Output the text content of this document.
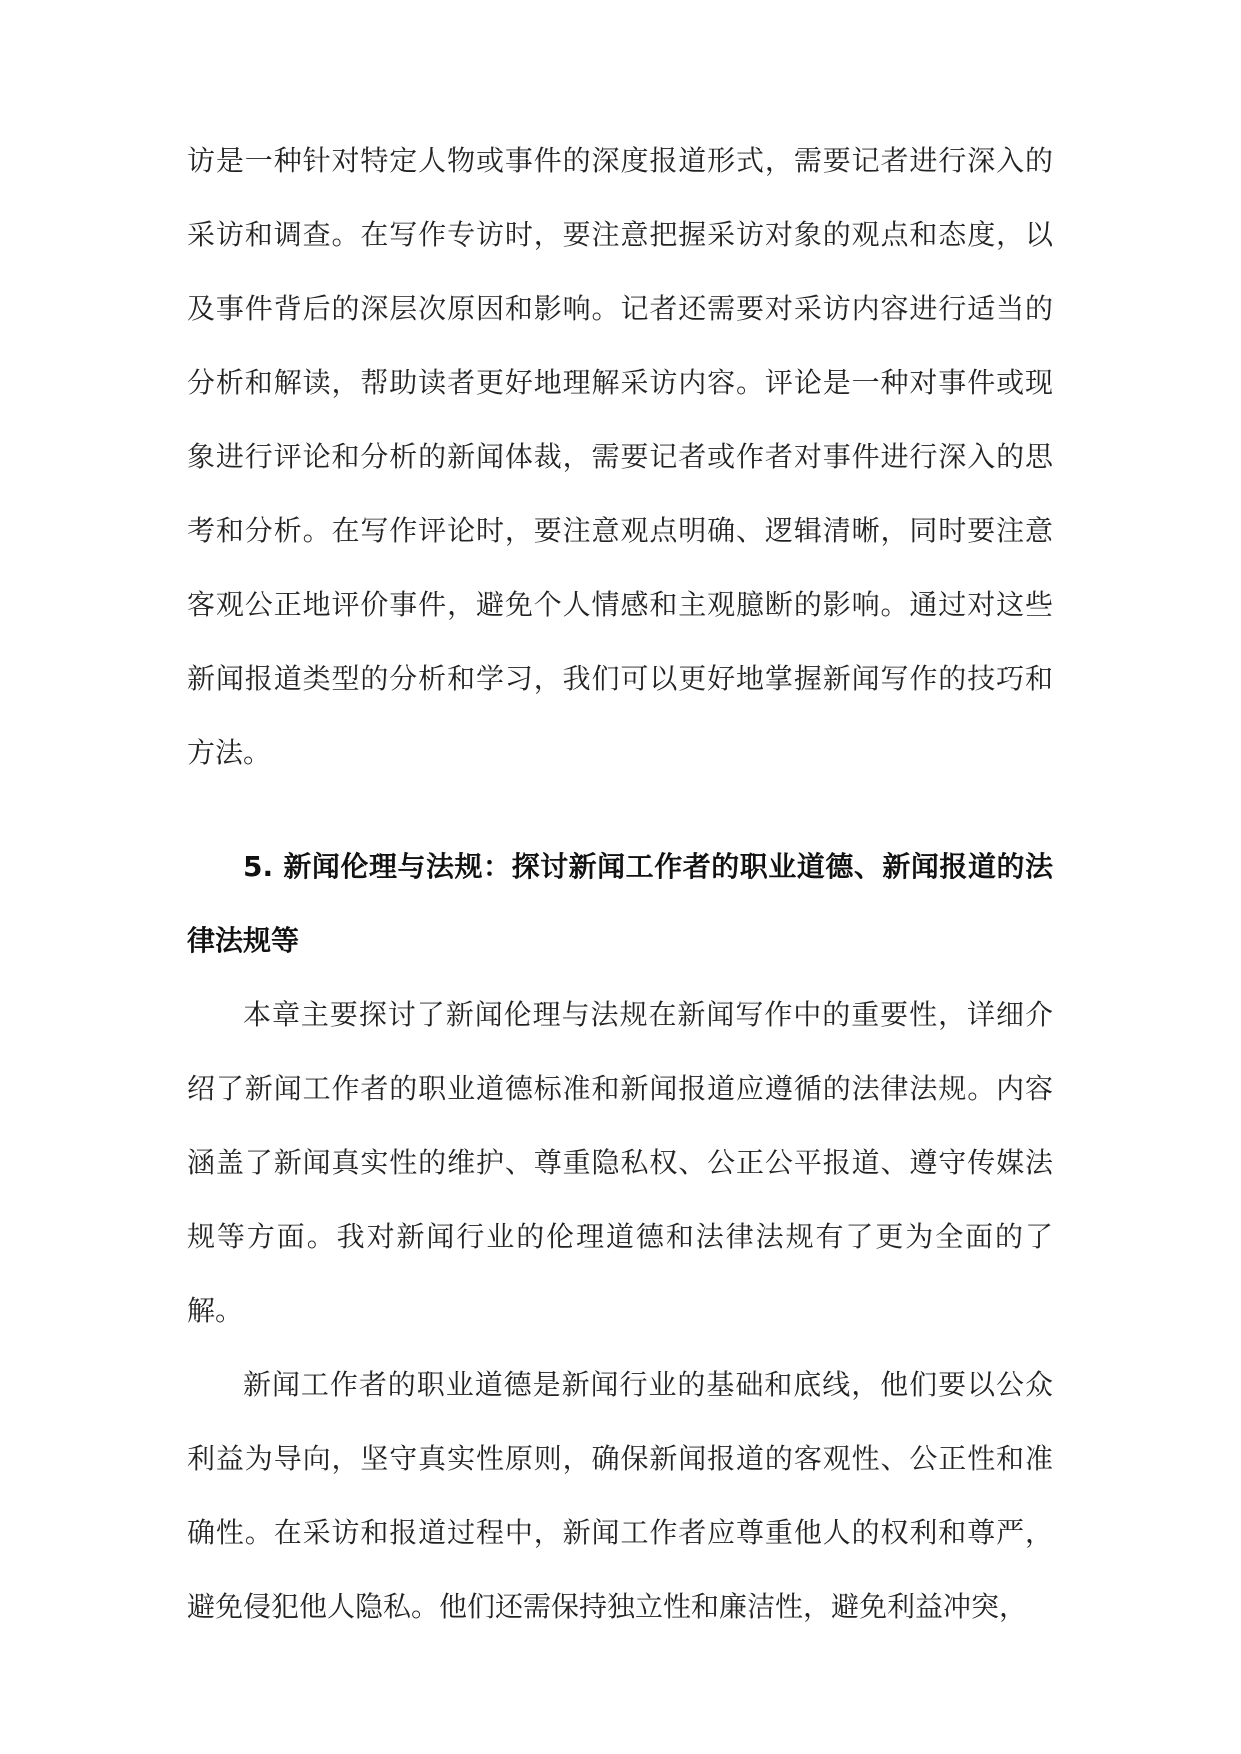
访是一种针对特定人物或事件的深度报道形式，需要记者进行深入的采访和调查。在写作专访时，要注意把握采访对象的观点和态度，以及事件背后的深层次原因和影响。记者还需要对采访内容进行适当的分析和解读，帮助读者更好地理解采访内容。评论是一种对事件或现象进行评论和分析的新闻体裁，需要记者或作者对事件进行深入的思考和分析。在写作评论时，要注意观点明确、逻辑清晰，同时要注意客观公正地评价事件，避免个人情感和主观臆断的影响。通过对这些新闻报道类型的分析和学习，我们可以更好地掌握新闻写作的技巧和方法。

5. 新闻伦理与法规：探讨新闻工作者的职业道德、新闻报道的法律法规等

本章主要探讨了新闻伦理与法规在新闻写作中的重要性，详细介绍了新闻工作者的职业道德标准和新闻报道应遵循的法律法规。内容涵盖了新闻真实性的维护、尊重隐私权、公正公平报道、遵守传媒法规等方面。我对新闻行业的伦理道德和法律法规有了更为全面的了解。

新闻工作者的职业道德是新闻行业的基础和底线，他们要以公众利益为导向，坚守真实性原则，确保新闻报道的客观性、公正性和准确性。在采访和报道过程中，新闻工作者应尊重他人的权利和尊严，避免侵犯他人隐私。他们还需保持独立性和廉洁性，避免利益冲突，
